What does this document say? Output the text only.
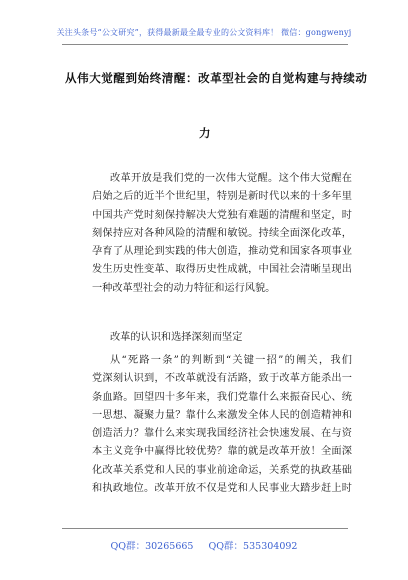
关注头条号“公文研究”，获得最新最全最专业的公文资料库！ 微信：gongwenyj
从伟大觉醒到始终清醒：改革型社会的自觉构建与持续动
力
改革开放是我们党的一次伟大觉醒。这个伟大觉醒在
启始之后的近半个世纪里，特别是新时代以来的十多年里
中国共产党时刻保持解决大党独有难题的清醒和坚定，时
刻保持应对各种风险的清醒和敏锐。持续全面深化改革，
孕育了从理论到实践的伟大创造，推动党和国家各项事业
发生历史性变革、取得历史性成就，中国社会清晰呈现出
一种改革型社会的动力特征和运行风貌。
改革的认识和选择深刻而坚定
从“死路一条”的判断到“关键一招”的阐关，我们
党深刻认识到，不改革就没有活路，致于改革方能杀出一
条血路。回望四十多年来，我们党靠什么来振奋民心、统
一思想、凝聚力量？靠什么来激发全体人民的创造精神和
创造活力？靠什么来实现我国经济社会快速发展、在与资
本主义竞争中赢得比较优势？靠的就是改革开放！全面深
化改革关系党和人民的事业前途命运，关系党的执政基础
和执政地位。改革开放不仅是党和人民事业大踏步赶上时
QQ群：30265665 QQ群：535304092
